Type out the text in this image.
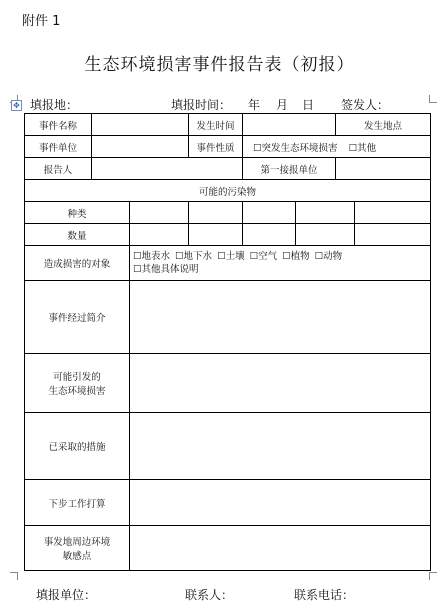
附件 1
生态环境损害事件报告表（初报）
✥ 填报地：	填报时间： 年 月 日 签发人：
事件名称			发生时间			发生地点	
事件单位			事件性质	☐突发生态环境损害 ☐其他			
报告人				第一接报单位			
可能的污染物							
种类							
数量							
造成损害的对象		☐地表水 ☐地下水 ☐土壤 ☐空气 ☐植物 ☐动物
☐其他具体说明					
事件经过简介							

可能引发的
生态环境损害							

已采取的措施							
下步工作打算							

事发地周边环境
敏感点							

填报单位：	联系人：	联系电话：
